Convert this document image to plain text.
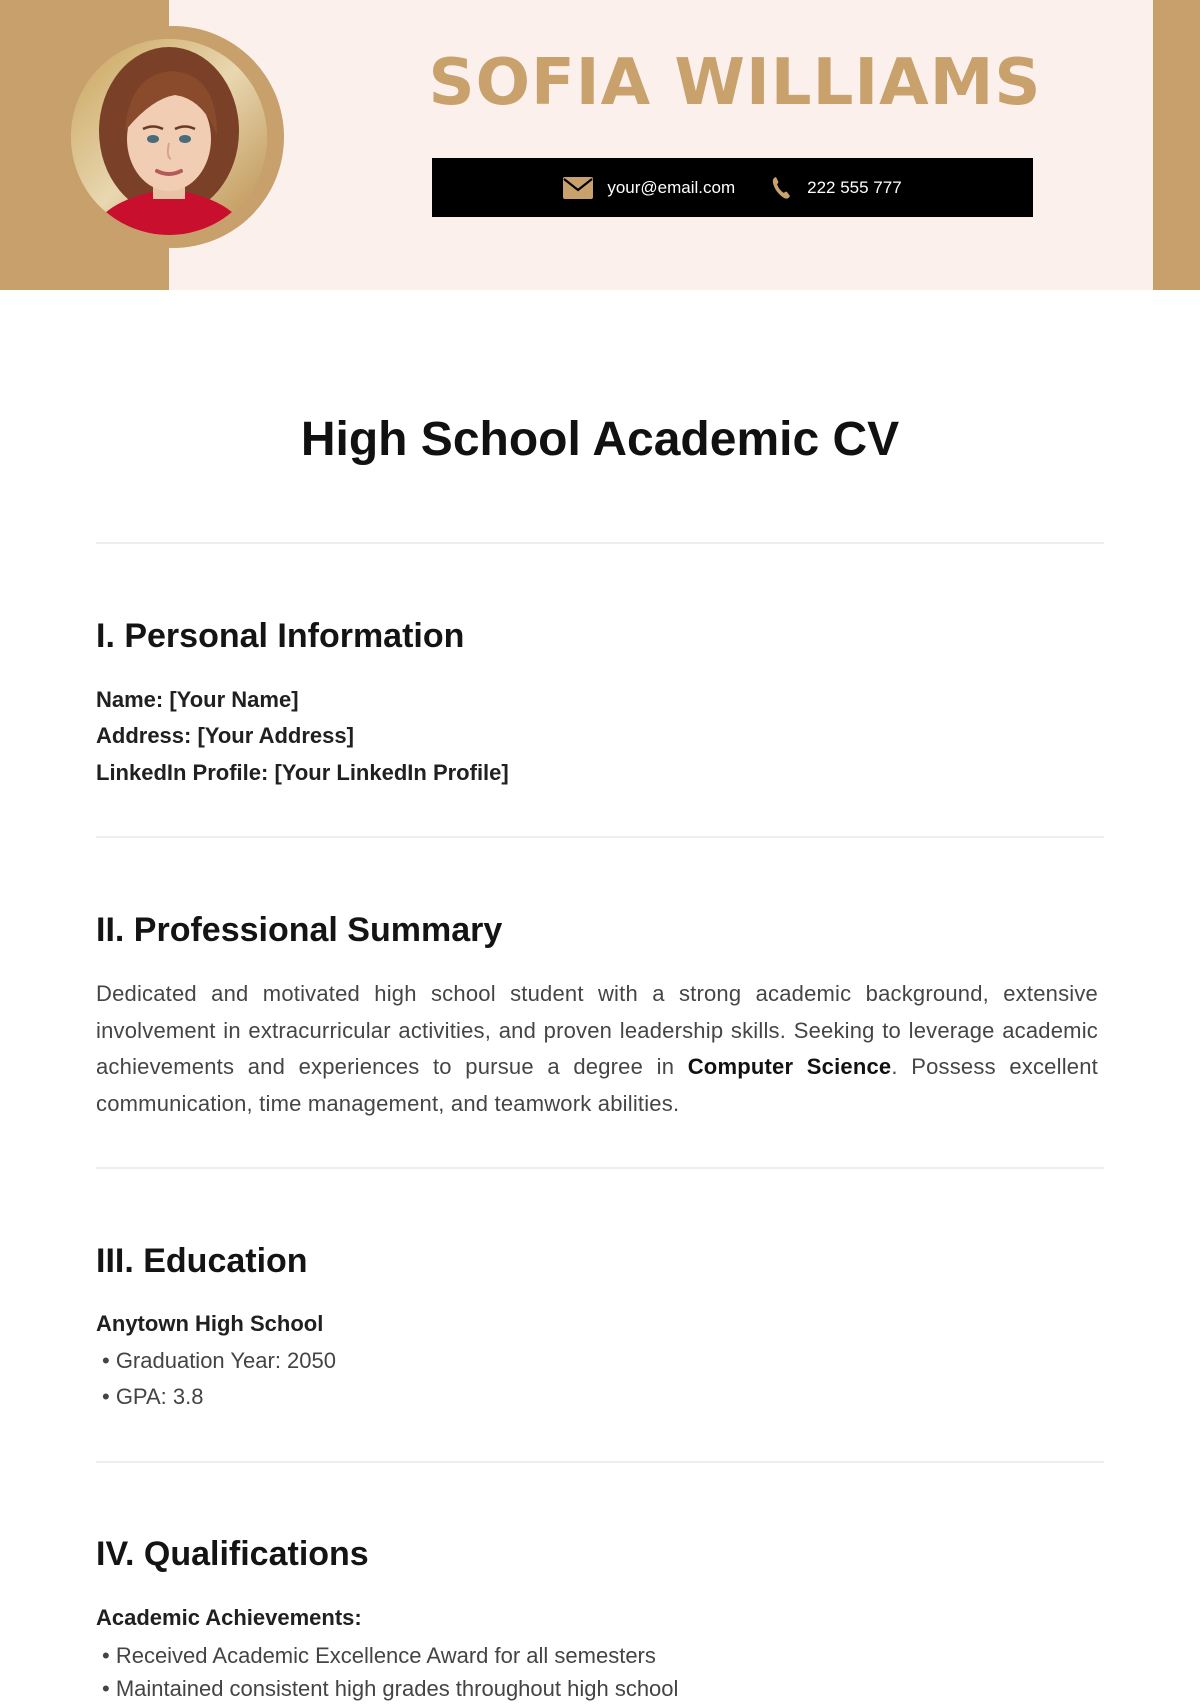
SOFIA WILLIAMS
your@email.com	222 555 777
High School Academic CV
I. Personal Information
Name: [Your Name]
Address: [Your Address]
LinkedIn Profile: [Your LinkedIn Profile]
II. Professional Summary
Dedicated and motivated high school student with a strong academic background, extensive involvement in extracurricular activities, and proven leadership skills. Seeking to leverage academic achievements and experiences to pursue a degree in Computer Science. Possess excellent communication, time management, and teamwork abilities.
III. Education
Anytown High School
• Graduation Year: 2050
• GPA: 3.8
IV. Qualifications
Academic Achievements:
• Received Academic Excellence Award for all semesters
• Maintained consistent high grades throughout high school
